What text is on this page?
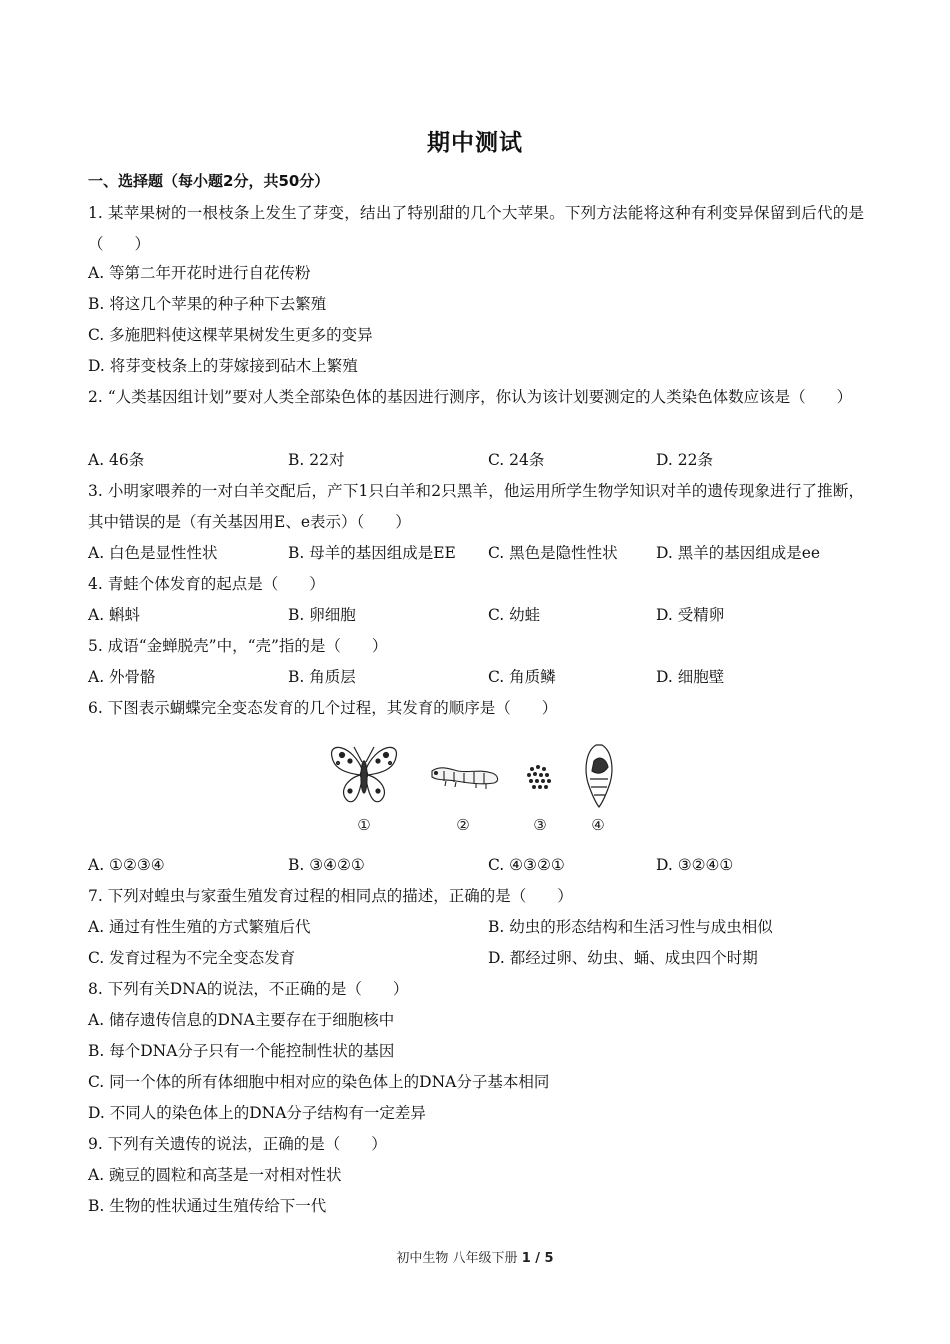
期中测试
一、选择题（每小题2分，共50分）
1. 某苹果树的一根枝条上发生了芽变，结出了特别甜的几个大苹果。下列方法能将这种有利变异保留到后代的是（　　）
A. 等第二年开花时进行自花传粉
B. 将这几个苹果的种子种下去繁殖
C. 多施肥料使这棵苹果树发生更多的变异
D. 将芽变枝条上的芽嫁接到砧木上繁殖
2. “人类基因组计划”要对人类全部染色体的基因进行测序，你认为该计划要测定的人类染色体数应该是（　　）
A. 46条	B. 22对	C. 24条	D. 22条
3. 小明家喂养的一对白羊交配后，产下1只白羊和2只黑羊，他运用所学生物学知识对羊的遗传现象进行了推断，其中错误的是（有关基因用E、e表示）（　　）
A. 白色是显性性状	B. 母羊的基因组成是EE C. 黑色是隐性性状 D. 黑羊的基因组成是ee
4. 青蛙个体发育的起点是（　　）
A. 蝌蚪	B. 卵细胞	C. 幼蛙	D. 受精卵
5. 成语“金蝉脱壳”中，“壳”指的是（　　）
A. 外骨骼	B. 角质层	C. 角质鳞	D. 细胞壁
6. 下图表示蝴蝶完全变态发育的几个过程，其发育的顺序是（　　）
①	②	③	④
A. ①②③④	B. ③④②①	C. ④③②①	D. ③②④①
7. 下列对蝗虫与家蚕生殖发育过程的相同点的描述，正确的是（　　）
A. 通过有性生殖的方式繁殖后代	B. 幼虫的形态结构和生活习性与成虫相似
C. 发育过程为不完全变态发育	D. 都经过卵、幼虫、蛹、成虫四个时期
8. 下列有关DNA的说法，不正确的是（　　）
A. 储存遗传信息的DNA主要存在于细胞核中
B. 每个DNA分子只有一个能控制性状的基因
C. 同一个体的所有体细胞中相对应的染色体上的DNA分子基本相同
D. 不同人的染色体上的DNA分子结构有一定差异
9. 下列有关遗传的说法，正确的是（　　）
A. 豌豆的圆粒和高茎是一对相对性状
B. 生物的性状通过生殖传给下一代
初中生物 八年级下册 1 / 5
